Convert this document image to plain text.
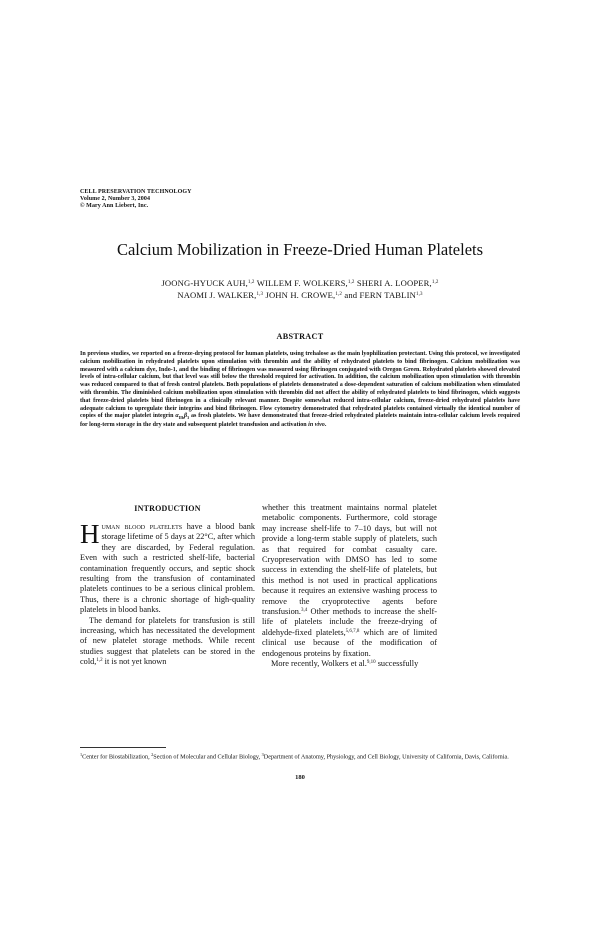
CELL PRESERVATION TECHNOLOGY
Volume 2, Number 3, 2004
© Mary Ann Liebert, Inc.
Calcium Mobilization in Freeze-Dried Human Platelets
JOONG-HYUCK AUH,$^{1,2}$ WILLEM F. WOLKERS,$^{1,2}$ SHERI A. LOOPER,$^{1,2}$
NAOMI J. WALKER,$^{1,3}$ JOHN H. CROWE,$^{1,2}$ and FERN TABLIN$^{1,3}$
ABSTRACT
In previous studies, we reported on a freeze-drying protocol for human platelets, using trehalose as the main lyophilization protectant. Using this protocol, we investigated calcium mobilization in rehydrated platelets upon stimulation with thrombin and the ability of rehydrated platelets to bind fibrinogen. Calcium mobilization was measured with a calcium dye, Indo-1, and the binding of fibrinogen was measured using fibrinogen conjugated with Oregon Green. Rehydrated platelets showed elevated levels of intra-cellular calcium, but that level was still below the threshold required for activation. In addition, the calcium mobilization upon stimulation with thrombin was reduced compared to that of fresh control platelets. Both populations of platelets demonstrated a dose-dependent saturation of calcium mobilization when stimulated with thrombin. The diminished calcium mobilization upon stimulation with thrombin did not affect the ability of rehydrated platelets to bind fibrinogen, which suggests that freeze-dried platelets bind fibrinogen in a clinically relevant manner. Despite somewhat reduced intra-cellular calcium, freeze-dried rehydrated platelets have adequate calcium to upregulate their integrins and bind fibrinogen. Flow cytometry demonstrated that rehydrated platelets contained virtually the identical number of copies of the major platelet integrin $\alpha_{IIb}\beta_3$ as fresh platelets. We have demonstrated that freeze-dried rehydrated platelets maintain intra-cellular calcium levels required for long-term storage in the dry state and subsequent platelet transfusion and activation in vivo.
INTRODUCTION

Human blood platelets have a blood bank storage lifetime of 5 days at 22°C, after which they are discarded, by Federal regulation. Even with such a restricted shelf-life, bacterial contamination frequently occurs, and septic shock resulting from the transfusion of contaminated platelets continues to be a serious clinical problem. Thus, there is a chronic shortage of high-quality platelets in blood banks.

The demand for platelets for transfusion is still increasing, which has necessitated the development of new platelet storage methods. While recent studies suggest that platelets can be stored in the cold,$^{1,2}$ it is not yet known

whether this treatment maintains normal platelet metabolic components. Furthermore, cold storage may increase shelf-life to 7–10 days, but will not provide a long-term stable supply of platelets, such as that required for combat casualty care. Cryopreservation with DMSO has led to some success in extending the shelf-life of platelets, but this method is not used in practical applications because it requires an extensive washing process to remove the cryoprotective agents before transfusion.$^{3,4}$ Other methods to increase the shelf-life of platelets include the freeze-drying of aldehyde-fixed platelets,$^{5,6,7,8}$ which are of limited clinical use because of the modification of endogenous proteins by fixation.

More recently, Wolkers et al.$^{9,10}$ successfully

$^1$Center for Biostabilization, $^2$Section of Molecular and Cellular Biology, $^3$Department of Anatomy, Physiology, and Cell Biology, University of California, Davis, California.
180
